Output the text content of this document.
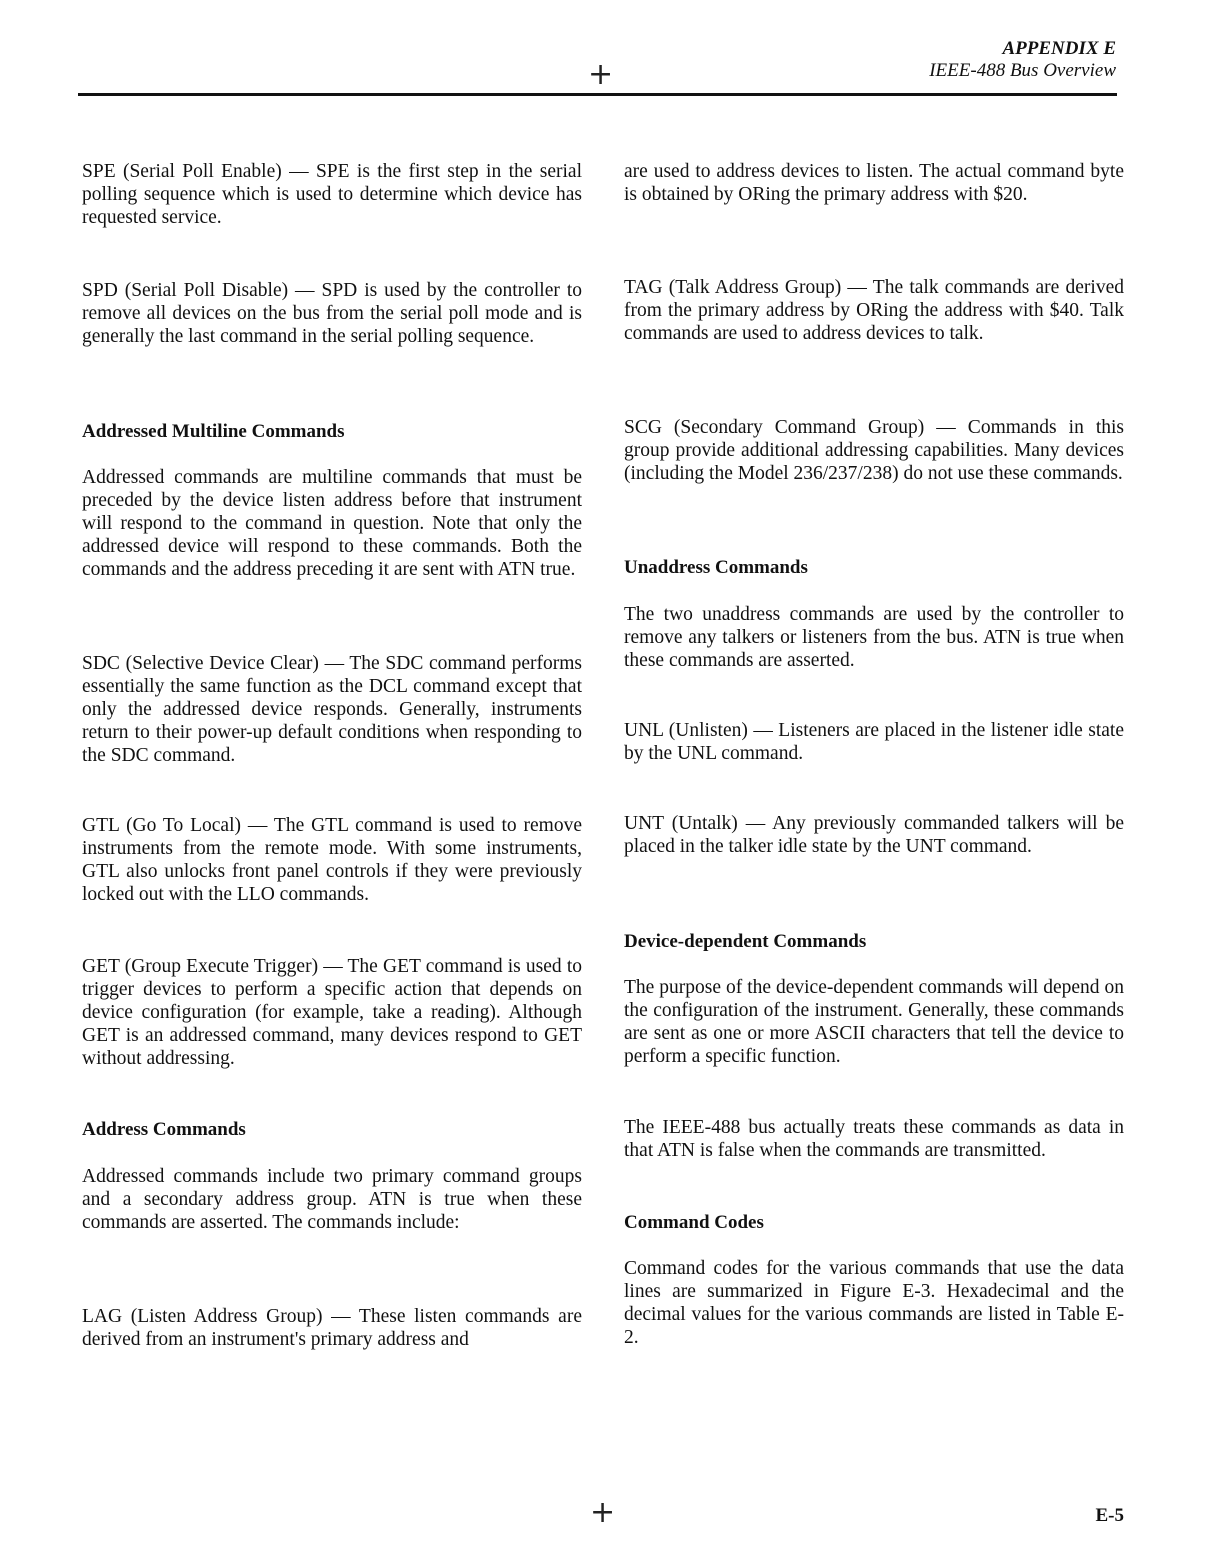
APPENDIX E
IEEE-488 Bus Overview
+

SPE (Serial Poll Enable) — SPE is the first step in the serial polling sequence which is used to determine which device has requested service.

SPD (Serial Poll Disable) — SPD is used by the controller to remove all devices on the bus from the serial poll mode and is generally the last command in the serial polling sequence.

Addressed Multiline Commands

Addressed commands are multiline commands that must be preceded by the device listen address before that instrument will respond to the command in question. Note that only the addressed device will respond to these commands. Both the commands and the address preceding it are sent with ATN true.

SDC (Selective Device Clear) — The SDC command performs essentially the same function as the DCL command except that only the addressed device responds. Generally, instruments return to their power-up default conditions when responding to the SDC command.

GTL (Go To Local) — The GTL command is used to remove instruments from the remote mode. With some instruments, GTL also unlocks front panel controls if they were previously locked out with the LLO commands.

GET (Group Execute Trigger) — The GET command is used to trigger devices to perform a specific action that depends on device configuration (for example, take a reading). Although GET is an addressed command, many devices respond to GET without addressing.

Address Commands

Addressed commands include two primary command groups and a secondary address group. ATN is true when these commands are asserted. The commands include:

LAG (Listen Address Group) — These listen commands are derived from an instrument's primary address and

are used to address devices to listen. The actual command byte is obtained by ORing the primary address with $20.

TAG (Talk Address Group) — The talk commands are derived from the primary address by ORing the address with $40. Talk commands are used to address devices to talk.

SCG (Secondary Command Group) — Commands in this group provide additional addressing capabilities. Many devices (including the Model 236/237/238) do not use these commands.

Unaddress Commands

The two unaddress commands are used by the controller to remove any talkers or listeners from the bus. ATN is true when these commands are asserted.

UNL (Unlisten) — Listeners are placed in the listener idle state by the UNL command.

UNT (Untalk) — Any previously commanded talkers will be placed in the talker idle state by the UNT command.

Device-dependent Commands

The purpose of the device-dependent commands will depend on the configuration of the instrument. Generally, these commands are sent as one or more ASCII characters that tell the device to perform a specific function.

The IEEE-488 bus actually treats these commands as data in that ATN is false when the commands are transmitted.

Command Codes

Command codes for the various commands that use the data lines are summarized in Figure E-3. Hexadecimal and the decimal values for the various commands are listed in Table E-2.

+	E-5
